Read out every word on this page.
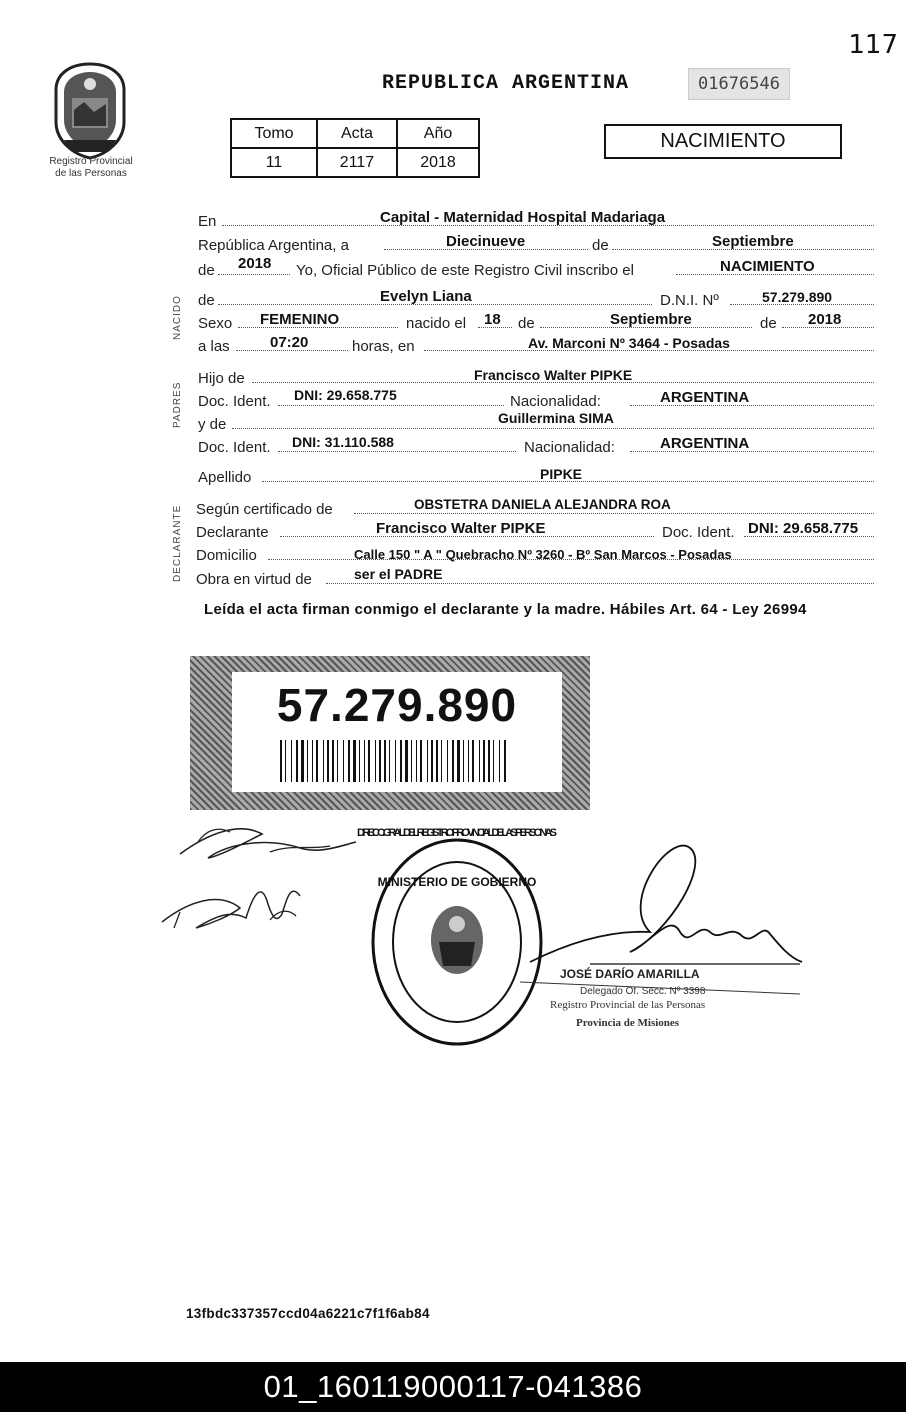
117
Registro Provincial
de las Personas
REPUBLICA ARGENTINA	01676546
Tomo	Acta	Año
11	2117	2018
NACIMIENTO
NACIDO
PADRES
DECLARANTE
En	Capital - Maternidad Hospital Madariaga
República Argentina, a	Diecinueve	de	Septiembre
de 2018 Yo, Oficial Público de este Registro Civil inscribo el	NACIMIENTO
de	Evelyn Liana	D.N.I. Nº	57.279.890
Sexo FEMENINO	nacido el 18 de	Septiembre	de 2018
a las	07:20	horas, en	Av. Marconi Nº 3464 - Posadas
Hijo de	Francisco Walter PIPKE
Doc. Ident. DNI: 29.658.775	Nacionalidad:	ARGENTINA
y de	Guillermina SIMA
Doc. Ident. DNI: 31.110.588	Nacionalidad:	ARGENTINA
Apellido	PIPKE
Según certificado de	OBSTETRA DANIELA ALEJANDRA ROA
Declarante	Francisco Walter PIPKE	Doc. Ident. DNI: 29.658.775
Domicilio	Calle 150 " A " Quebracho Nº 3260 - Bº San Marcos - Posadas
Obra en virtud de	ser el PADRE
Leída el acta firman conmigo el declarante y la madre. Hábiles Art. 64 - Ley 26994
57.279.890
MINISTERIO DE GOBIERNO
DIRECC. GRAL. DEL REGISTRO PROVINCIAL DE LAS PERSONAS
JOSÉ DARÍO AMARILLA
Delegado Of. Secc. Nº 3398
Registro Provincial de las Personas
Provincia de Misiones
13fbdc337357ccd04a6221c7f1f6ab84
01_160119000117-041386
